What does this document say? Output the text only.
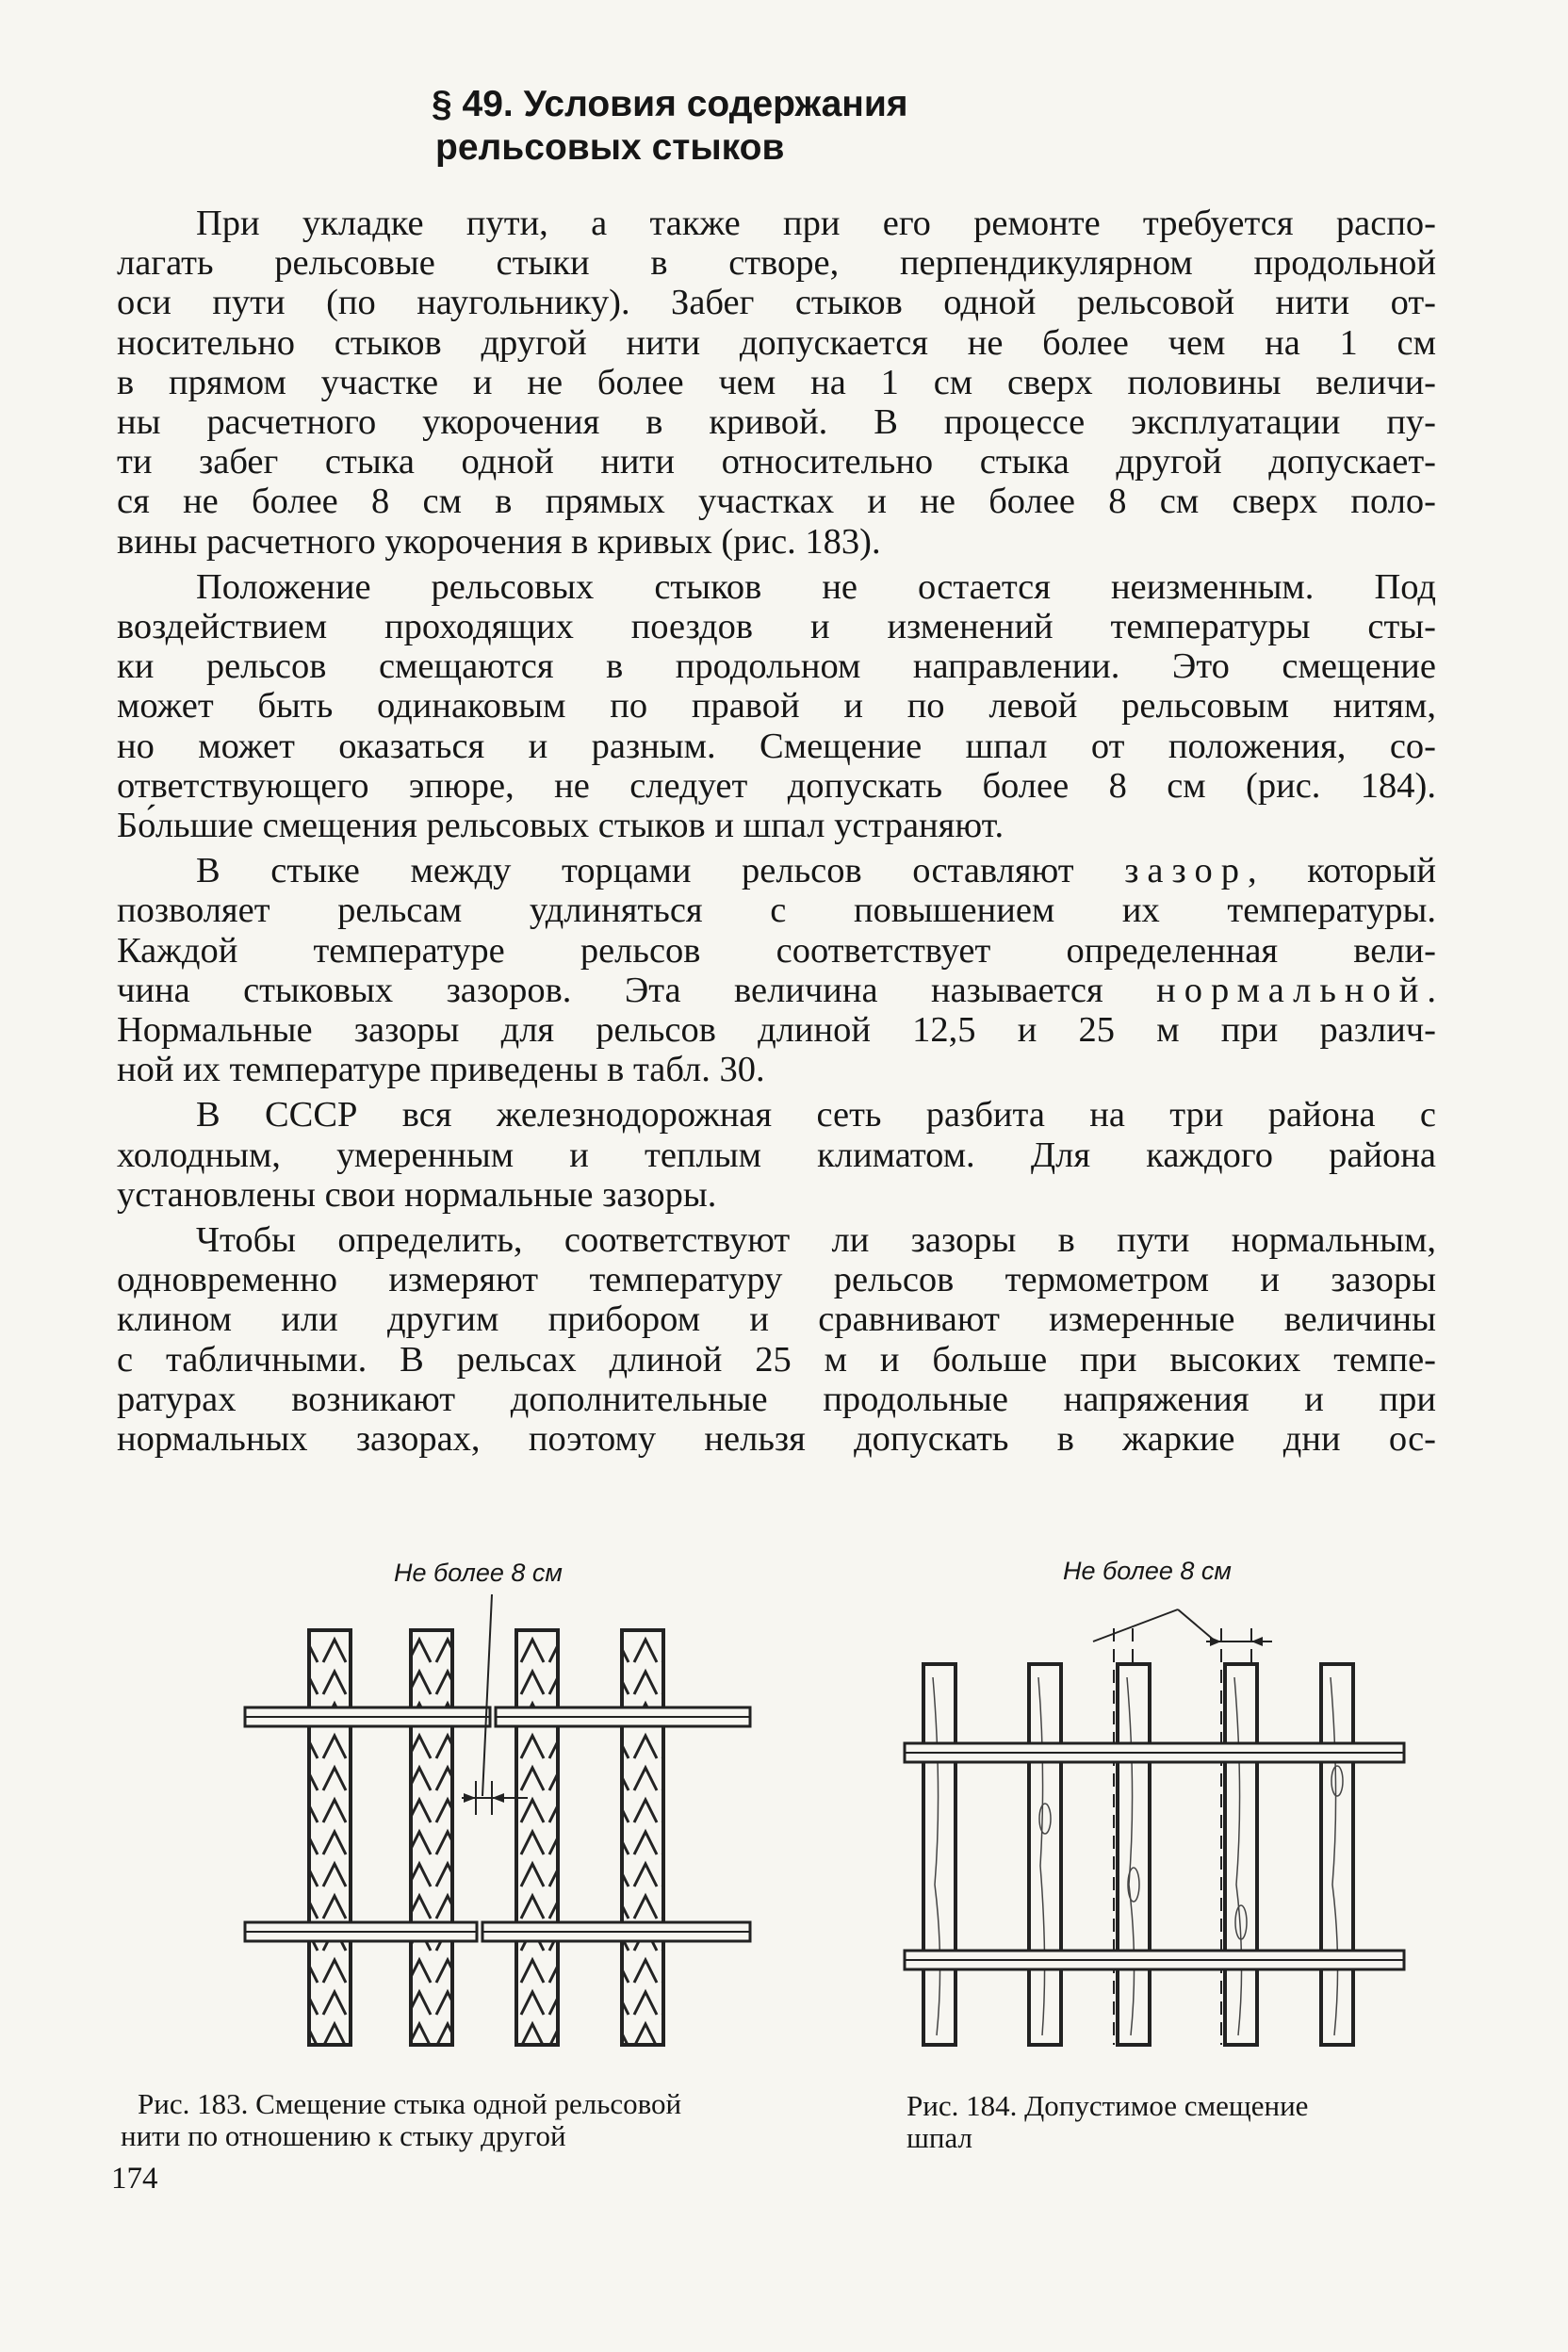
§ 49. Условия содержания
рельсовых стыков
При укладке пути, а также при его ремонте требуется распо-
лагать рельсовые стыки в створе, перпендикулярном продольной
оси пути (по наугольнику). Забег стыков одной рельсовой нити от-
носительно стыков другой нити допускается не более чем на 1 см
в прямом участке и не более чем на 1 см сверх половины величи-
ны расчетного укорочения в кривой. В процессе эксплуатации пу-
ти забег стыка одной нити относительно стыка другой допускает-
ся не более 8 см в прямых участках и не более 8 см сверх поло-
вины расчетного укорочения в кривых (рис. 183).
Положение рельсовых стыков не остается неизменным. Под
воздействием проходящих поездов и изменений температуры сты-
ки рельсов смещаются в продольном направлении. Это смещение
может быть одинаковым по правой и по левой рельсовым нитям,
но может оказаться и разным. Смещение шпал от положения, со-
ответствующего эпюре, не следует допускать более 8 см (рис. 184).
Бо́льшие смещения рельсовых стыков и шпал устраняют.
В стыке между торцами рельсов оставляют зазор, который
позволяет рельсам удлиняться с повышением их температуры.
Каждой температуре рельсов соответствует определенная вели-
чина стыковых зазоров. Эта величина называется нормальной.
Нормальные зазоры для рельсов длиной 12,5 и 25 м при различ-
ной их температуре приведены в табл. 30.
В СССР вся железнодорожная сеть разбита на три района с
холодным, умеренным и теплым климатом. Для каждого района
установлены свои нормальные зазоры.
Чтобы определить, соответствуют ли зазоры в пути нормальным,
одновременно измеряют температуру рельсов термометром и зазоры
клином или другим прибором и сравнивают измеренные величины
с табличными. В рельсах длиной 25 м и больше при высоких темпе-
ратурах возникают дополнительные продольные напряжения и при
нормальных зазорах, поэтому нельзя допускать в жаркие дни ос-
Не более 8 см
Рис. 183. Смещение стыка одной рельсовой
нити по отношению к стыку другой
Не более 8 см
Рис. 184. Допустимое смещение
шпал
174
